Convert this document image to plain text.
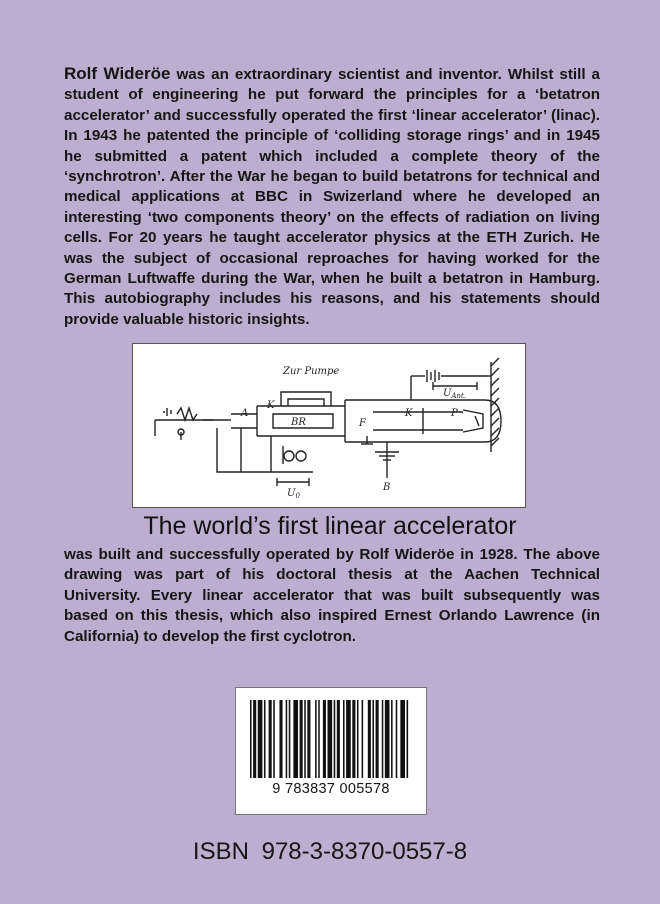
Rolf Wideröe was an extraordinary scientist and inventor. Whilst still a student of engineering he put forward the principles for a ‘betatron accelerator’ and successfully operated the first ‘linear accelerator’ (linac). In 1943 he patented the principle of ‘colliding storage rings’ and in 1945 he submitted a patent which included a complete theory of the ‘synchrotron’. After the War he began to build betatrons for technical and medical applications at BBC in Swizerland where he developed an interesting ‘two components theory’ on the effects of radiation on living cells. For 20 years he taught accelerator physics at the ETH Zurich. He was the subject of occasional reproaches for having worked for the German Luftwaffe during the War, when he built a betatron in Hamburg. This autobiography includes his reasons, and his statements should provide valuable historic insights.

Zur Pumpe
$U_{Ant.}$
A
K
BR
K	P
F
B
$U_0$
The world’s first linear accelerator

was built and successfully operated by Rolf Wideröe in 1928. The above drawing was part of his doctoral thesis at the Aachen Technical University. Every linear accelerator that was built subsequently was based on this thesis, which also inspired Ernest Orlando Lawrence (in California) to develop the first cyclotron.

9 783837 005578
ISBN 978-3-8370-0557-8
